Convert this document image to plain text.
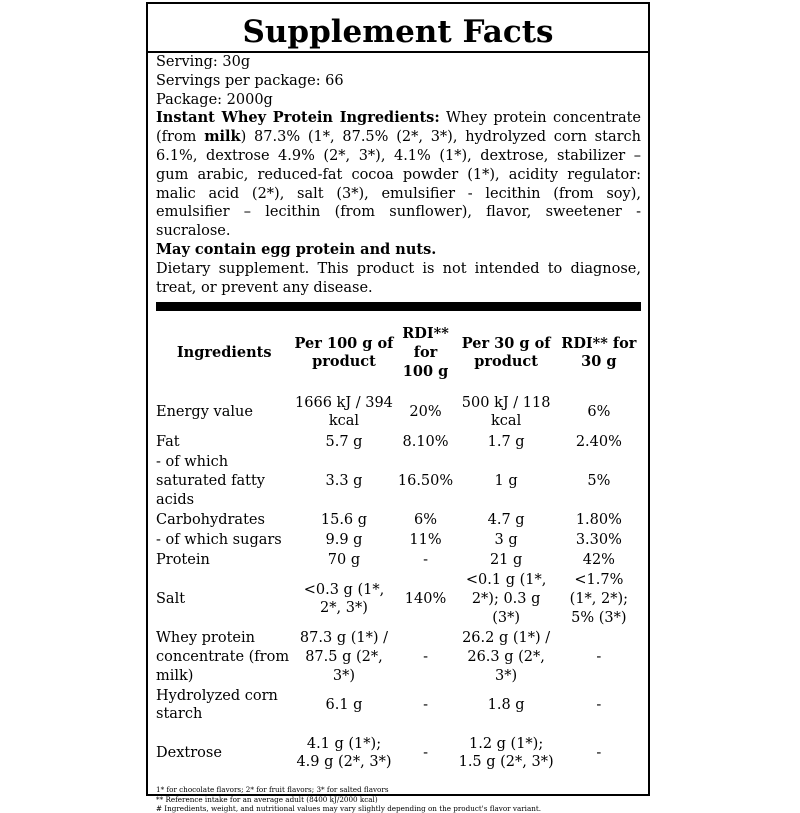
Supplement Facts
Serving: 30g
Servings per package: 66
Package: 2000g
Instant Whey Protein Ingredients: Whey protein concentrate (from milk) 87.3% (1*, 87.5% (2*, 3*), hydrolyzed corn starch 6.1%, dextrose 4.9% (2*, 3*), 4.1% (1*), dextrose, stabilizer – gum arabic, reduced-fat cocoa powder (1*), acidity regulator: malic acid (2*), salt (3*), emulsifier - lecithin (from soy), emulsifier – lecithin (from sunflower), flavor, sweetener - sucralose.
May contain egg protein and nuts.
Dietary supplement. This product is not intended to diagnose, treat, or prevent any disease.
Ingredients	Per 100 g of product	RDI** for 100 g	Per 30 g of product	RDI** for 30 g
Energy value	1666 kJ / 394 kcal	20%	500 kJ / 118 kcal	6%
Fat	5.7 g	8.10%	1.7 g	2.40%
- of which saturated fatty acids	3.3 g	16.50%	1 g	5%
Carbohydrates	15.6 g	6%	4.7 g	1.80%
- of which sugars	9.9 g	11%	3 g	3.30%
Protein	70 g	-	21 g	42%
Salt	<0.3 g (1*, 2*, 3*)	140%	<0.1 g (1*, 2*); 0.3 g (3*)	<1.7% (1*, 2*); 5% (3*)
Whey protein concentrate (from milk)	87.3 g (1*) / 87.5 g (2*, 3*)	-	26.2 g (1*) / 26.3 g (2*, 3*)	-
Hydrolyzed corn starch	6.1 g	-	1.8 g	-
Dextrose	4.1 g (1*); 4.9 g (2*, 3*)	-	1.2 g (1*); 1.5 g (2*, 3*)	-
1* for chocolate flavors; 2* for fruit flavors; 3* for salted flavors
** Reference intake for an average adult (8400 kJ/2000 kcal)
# Ingredients, weight, and nutritional values may vary slightly depending on the product's flavor variant.
